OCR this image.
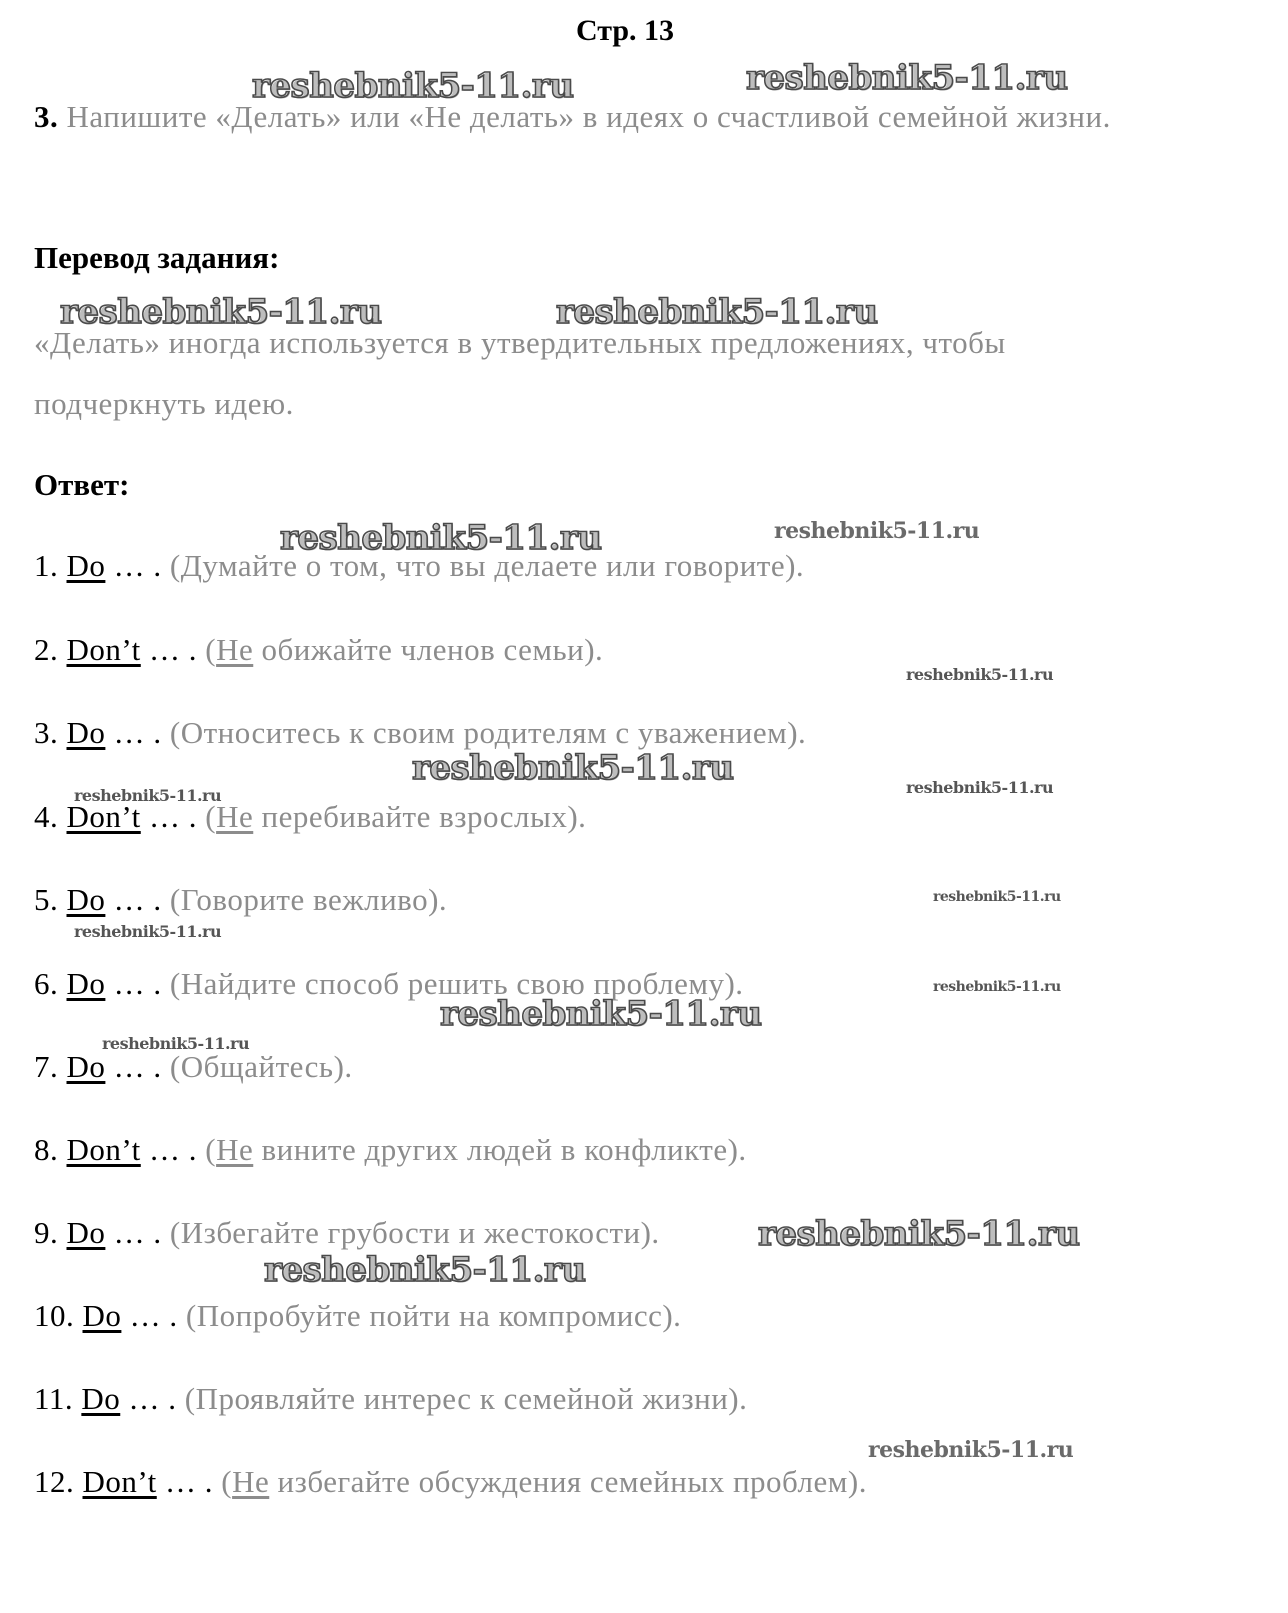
Стр. 13
3. Напишите «Делать» или «Не делать» в идеях о счастливой семейной жизни.
Перевод задания:
«Делать» иногда используется в утвердительных предложениях, чтобы подчеркнуть идею.
Ответ:
1. Do … . (Думайте о том, что вы делаете или говорите).
2. Don’t … . (Не обижайте членов семьи).
3. Do … . (Относитесь к своим родителям с уважением).
4. Don’t … . (Не перебивайте взрослых).
5. Do … . (Говорите вежливо).
6. Do … . (Найдите способ решить свою проблему).
7. Do … . (Общайтесь).
8. Don’t … . (Не вините других людей в конфликте).
9. Do … . (Избегайте грубости и жестокости).
10. Do … . (Попробуйте пойти на компромисс).
11. Do … . (Проявляйте интерес к семейной жизни).
12. Don’t … . (Не избегайте обсуждения семейных проблем).
reshebnik5-11.ru	reshebnik5-11.ru
reshebnik5-11.ru	reshebnik5-11.ru
reshebnik5-11.ru	reshebnik5-11.ru
reshebnik5-11.ru
reshebnik5-11.ru
reshebnik5-11.ru	reshebnik5-11.ru
reshebnik5-11.ru
reshebnik5-11.ru
reshebnik5-11.ru
reshebnik5-11.ru
reshebnik5-11.ru
reshebnik5-11.ru
reshebnik5-11.ru
reshebnik5-11.ru
